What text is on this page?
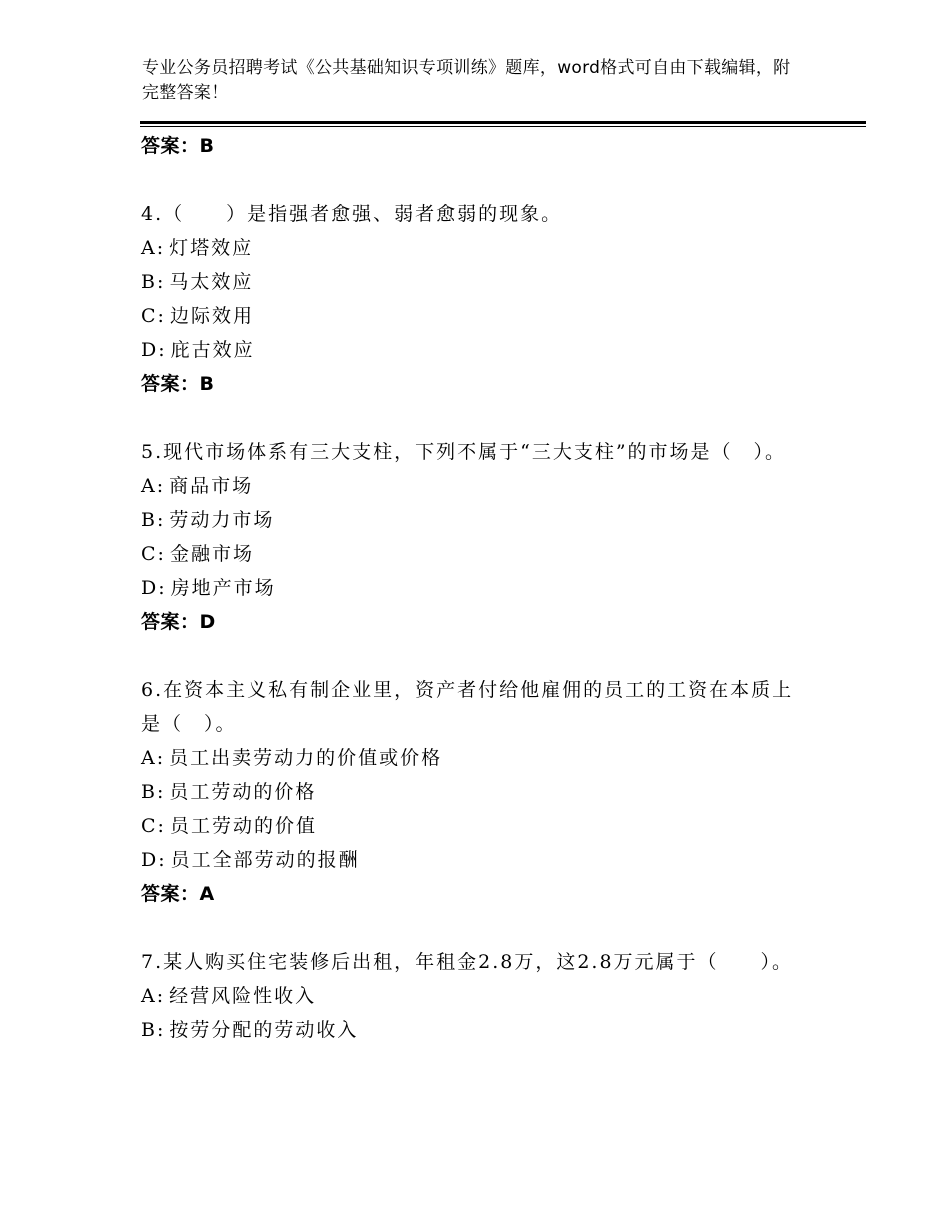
专业公务员招聘考试《公共基础知识专项训练》题库，word格式可自由下载编辑，附完整答案！
答案：B
4.（　　）是指强者愈强、弱者愈弱的现象。
A: 灯塔效应
B: 马太效应
C: 边际效用
D: 庇古效应
答案：B
5.现代市场体系有三大支柱，下列不属于“三大支柱”的市场是（　）。
A: 商品市场
B: 劳动力市场
C: 金融市场
D: 房地产市场
答案：D
6.在资本主义私有制企业里，资产者付给他雇佣的员工的工资在本质上是（　）。
A: 员工出卖劳动力的价值或价格
B: 员工劳动的价格
C: 员工劳动的价值
D: 员工全部劳动的报酬
答案：A
7.某人购买住宅装修后出租，年租金2.8万，这2.8万元属于（　　）。
A: 经营风险性收入
B: 按劳分配的劳动收入
